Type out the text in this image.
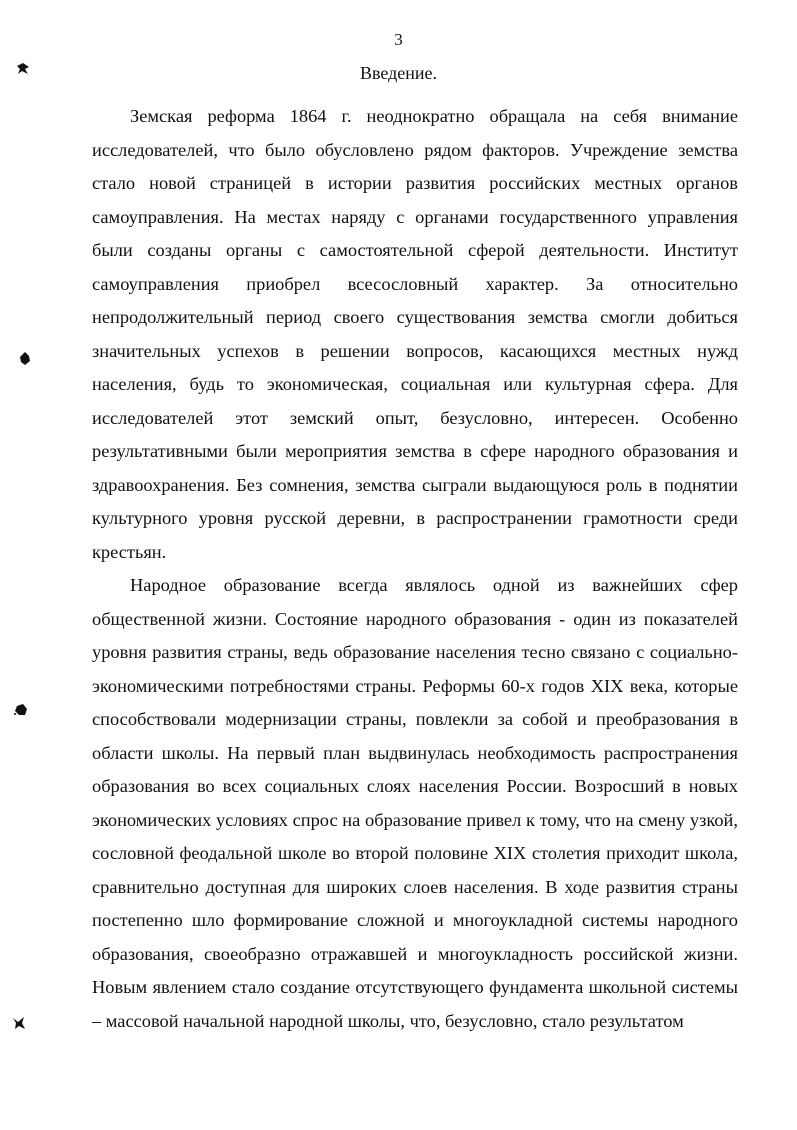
3
Введение.

Земская реформа 1864 г. неоднократно обращала на себя внимание исследователей, что было обусловлено рядом факторов. Учреждение земства стало новой страницей в истории развития российских местных органов самоуправления. На местах наряду с органами государственного управления были созданы органы с самостоятельной сферой деятельности. Институт самоуправления приобрел всесословный характер. За относительно непродолжительный период своего существования земства смогли добиться значительных успехов в решении вопросов, касающихся местных нужд населения, будь то экономическая, социальная или культурная сфера. Для исследователей этот земский опыт, безусловно, интересен. Особенно результативными были мероприятия земства в сфере народного образования и здравоохранения. Без сомнения, земства сыграли выдающуюся роль в поднятии культурного уровня русской деревни, в распространении грамотности среди крестьян.

Народное образование всегда являлось одной из важнейших сфер общественной жизни. Состояние народного образования - один из показателей уровня развития страны, ведь образование населения тесно связано с социально-экономическими потребностями страны. Реформы 60-х годов XIX века, которые способствовали модернизации страны, повлекли за собой и преобразования в области школы. На первый план выдвинулась необходимость распространения образования во всех социальных слоях населения России. Возросший в новых экономических условиях спрос на образование привел к тому, что на смену узкой, сословной феодальной школе во второй половине XIX столетия приходит школа, сравнительно доступная для широких слоев населения. В ходе развития страны постепенно шло формирование сложной и многоукладной системы народного образования, своеобразно отражавшей и многоукладность российской жизни. Новым явлением стало создание отсутствующего фундамента школьной системы – массовой начальной народной школы, что, безусловно, стало результатом
